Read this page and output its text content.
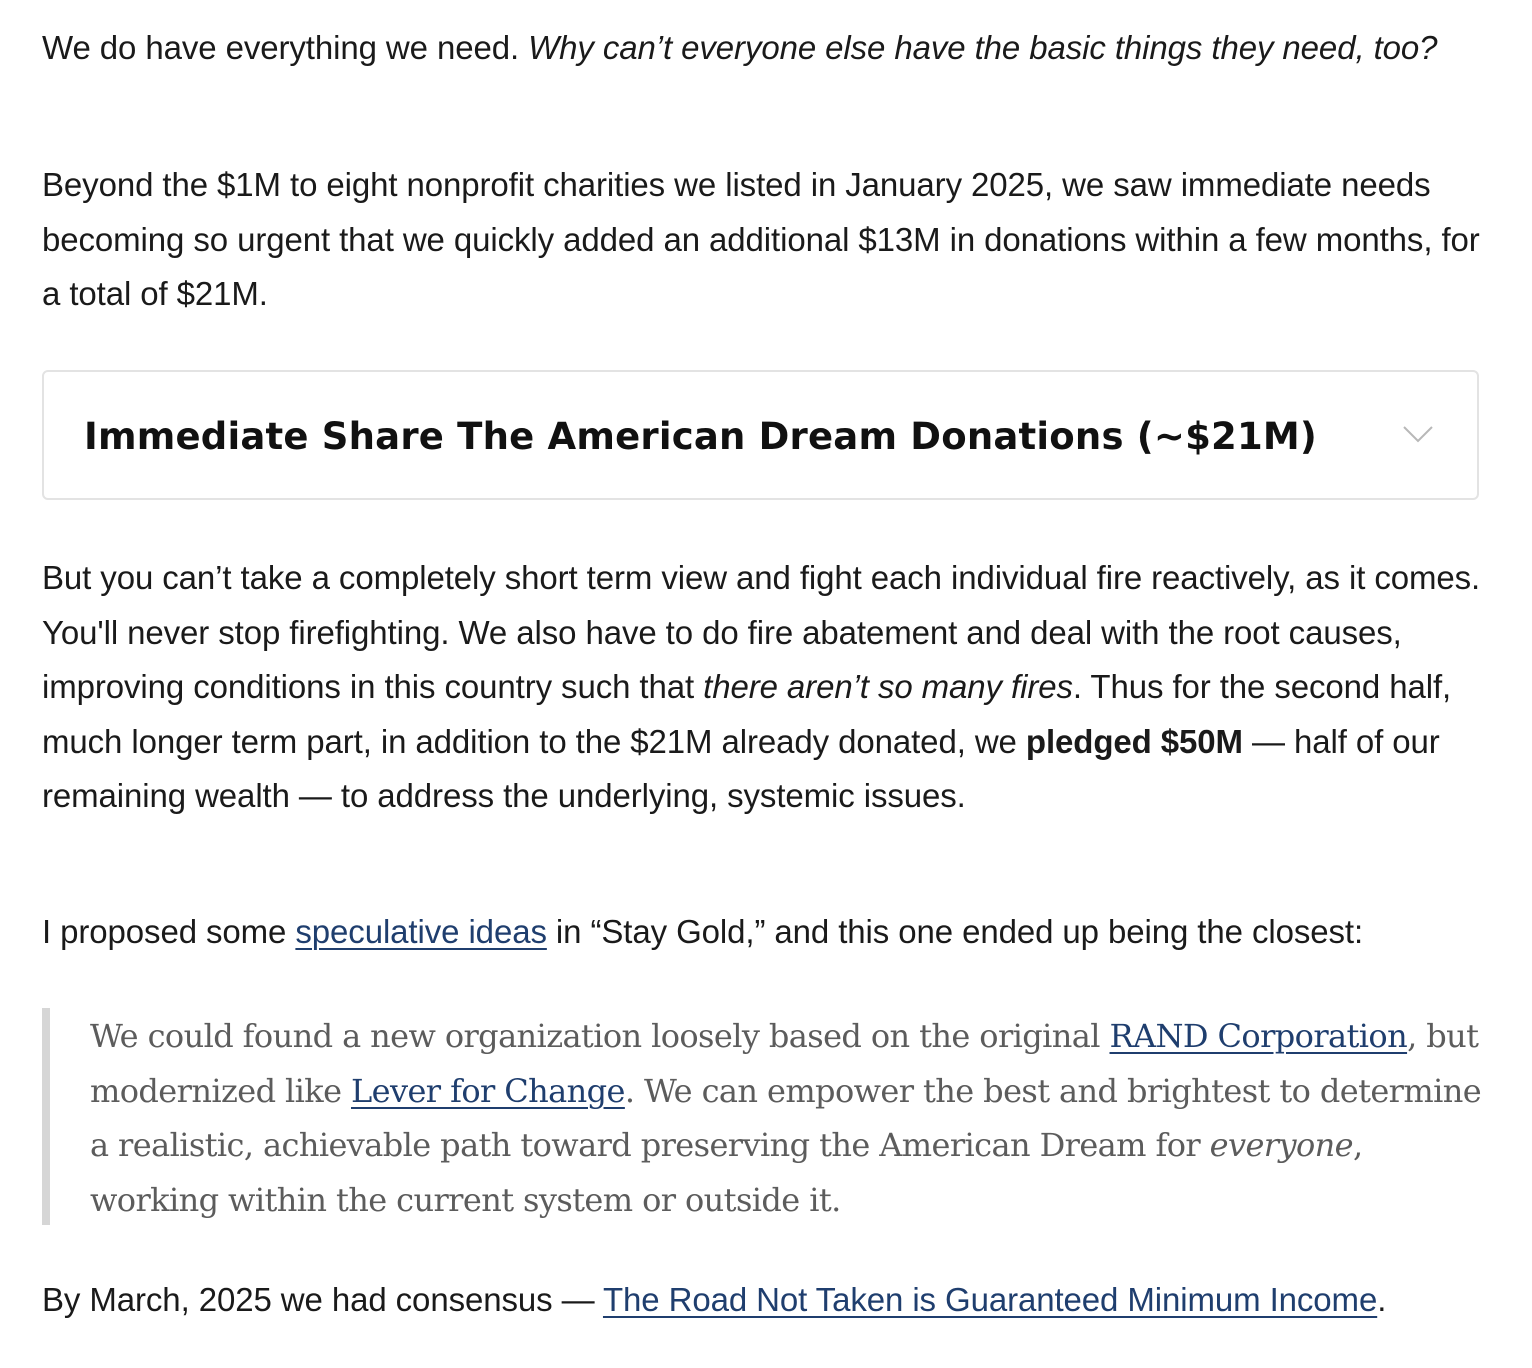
We do have everything we need. Why can’t everyone else have the basic things they need, too?

Beyond the $1M to eight nonprofit charities we listed in January 2025, we saw immediate needs becoming so urgent that we quickly added an additional $13M in donations within a few months, for a total of $21M.

Immediate Share The American Dream Donations (~$21M)

But you can’t take a completely short term view and fight each individual fire reactively, as it comes. You'll never stop firefighting. We also have to do fire abatement and deal with the root causes, improving conditions in this country such that there aren’t so many fires. Thus for the second half, much longer term part, in addition to the $21M already donated, we pledged $50M — half of our remaining wealth — to address the underlying, systemic issues.

I proposed some speculative ideas in “Stay Gold,” and this one ended up being the closest:

We could found a new organization loosely based on the original RAND Corporation, but modernized like Lever for Change. We can empower the best and brightest to determine a realistic, achievable path toward preserving the American Dream for everyone, working within the current system or outside it.

By March, 2025 we had consensus — The Road Not Taken is Guaranteed Minimum Income.
